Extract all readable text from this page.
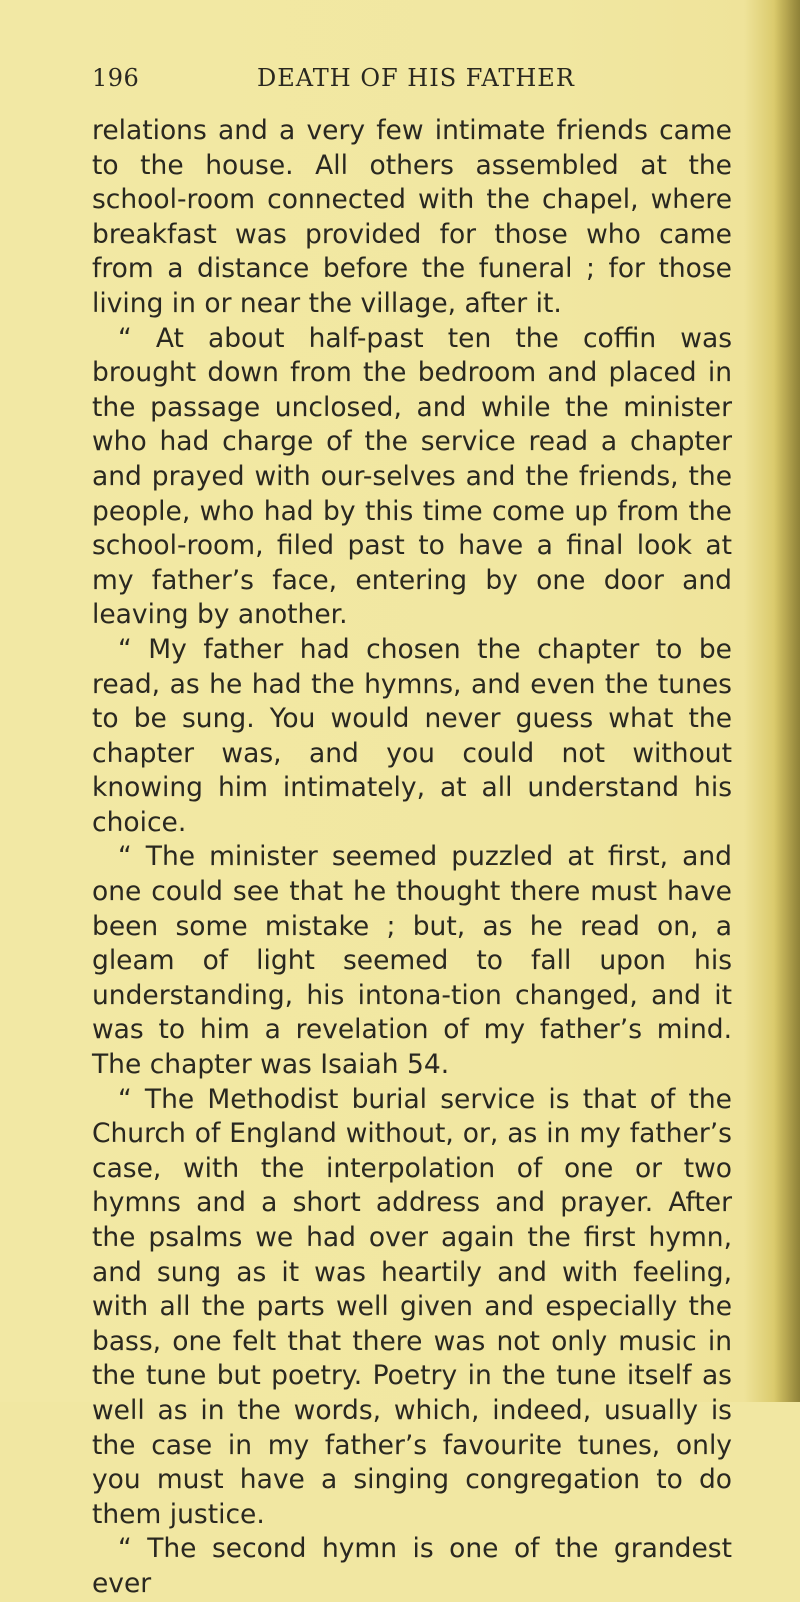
196	DEATH OF HIS FATHER

relations and a very few intimate friends came to the house. All others assembled at the school-room connected with the chapel, where breakfast was provided for those who came from a distance before the funeral ; for those living in or near the village, after it.

“ At about half-past ten the coffin was brought down from the bedroom and placed in the passage unclosed, and while the minister who had charge of the service read a chapter and prayed with our-selves and the friends, the people, who had by this time come up from the school-room, filed past to have a final look at my father’s face, entering by one door and leaving by another.

“ My father had chosen the chapter to be read, as he had the hymns, and even the tunes to be sung. You would never guess what the chapter was, and you could not without knowing him intimately, at all understand his choice.

“ The minister seemed puzzled at first, and one could see that he thought there must have been some mistake ; but, as he read on, a gleam of light seemed to fall upon his understanding, his intona-tion changed, and it was to him a revelation of my father’s mind. The chapter was Isaiah 54.

“ The Methodist burial service is that of the Church of England without, or, as in my father’s case, with the interpolation of one or two hymns and a short address and prayer. After the psalms we had over again the first hymn, and sung as it was heartily and with feeling, with all the parts well given and especially the bass, one felt that there was not only music in the tune but poetry. Poetry in the tune itself as well as in the words, which, indeed, usually is the case in my father’s favourite tunes, only you must have a singing congregation to do them justice.

“ The second hymn is one of the grandest ever
